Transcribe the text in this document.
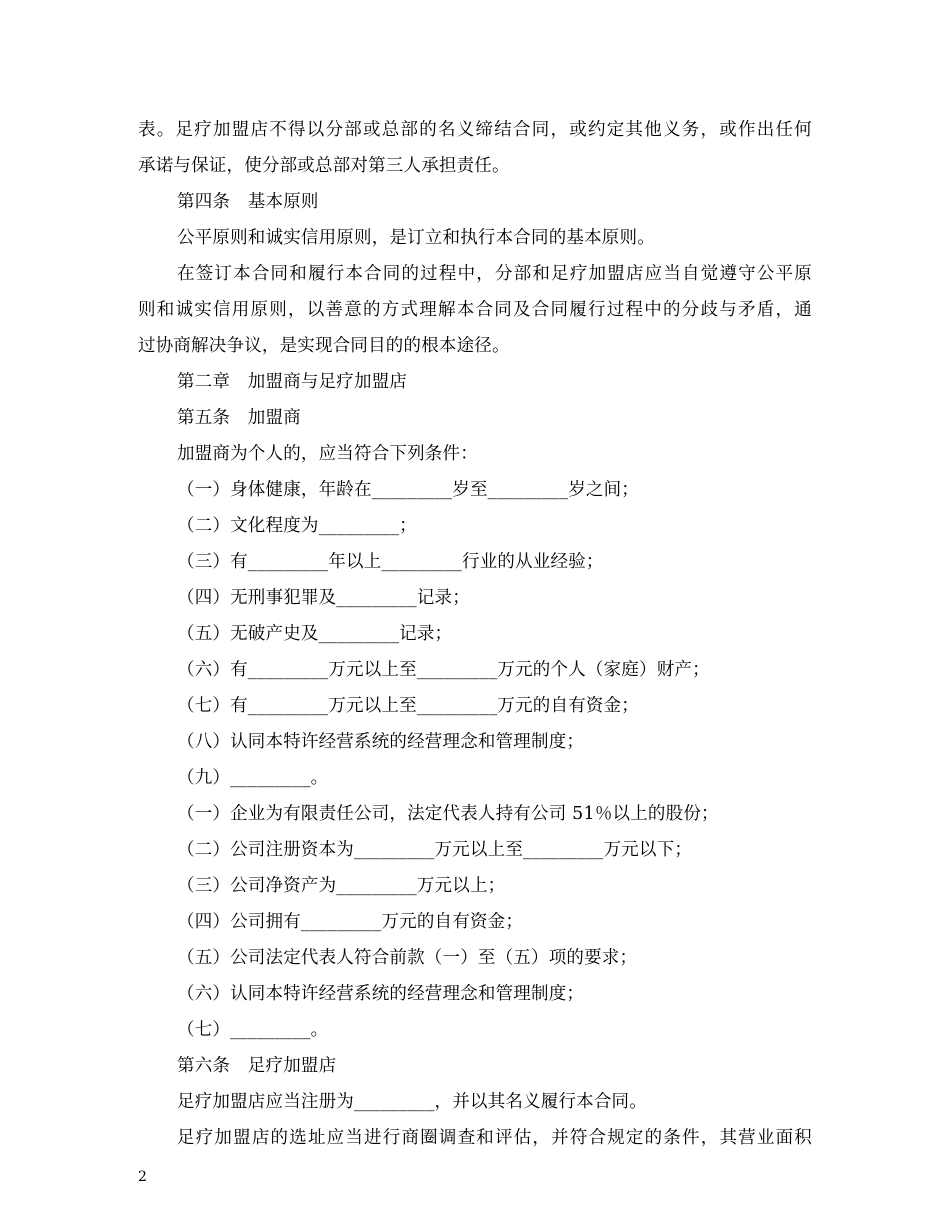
表。足疗加盟店不得以分部或总部的名义缔结合同，或约定其他义务，或作出任何
承诺与保证，使分部或总部对第三人承担责任。
第四条　基本原则
公平原则和诚实信用原则，是订立和执行本合同的基本原则。
在签订本合同和履行本合同的过程中，分部和足疗加盟店应当自觉遵守公平原
则和诚实信用原则，以善意的方式理解本合同及合同履行过程中的分歧与矛盾，通
过协商解决争议，是实现合同目的的根本途径。
第二章　加盟商与足疗加盟店
第五条　加盟商
加盟商为个人的，应当符合下列条件：
（一）身体健康，年龄在_________岁至_________岁之间；
（二）文化程度为_________；
（三）有_________年以上_________行业的从业经验；
（四）无刑事犯罪及_________记录；
（五）无破产史及_________记录；
（六）有_________万元以上至_________万元的个人（家庭）财产；
（七）有_________万元以上至_________万元的自有资金；
（八）认同本特许经营系统的经营理念和管理制度；
（九）_________。
（一）企业为有限责任公司，法定代表人持有公司 51％以上的股份；
（二）公司注册资本为_________万元以上至_________万元以下；
（三）公司净资产为_________万元以上；
（四）公司拥有_________万元的自有资金；
（五）公司法定代表人符合前款（一）至（五）项的要求；
（六）认同本特许经营系统的经营理念和管理制度；
（七）_________。
第六条　足疗加盟店
足疗加盟店应当注册为_________，并以其名义履行本合同。
足疗加盟店的选址应当进行商圈调查和评估，并符合规定的条件，其营业面积
2
